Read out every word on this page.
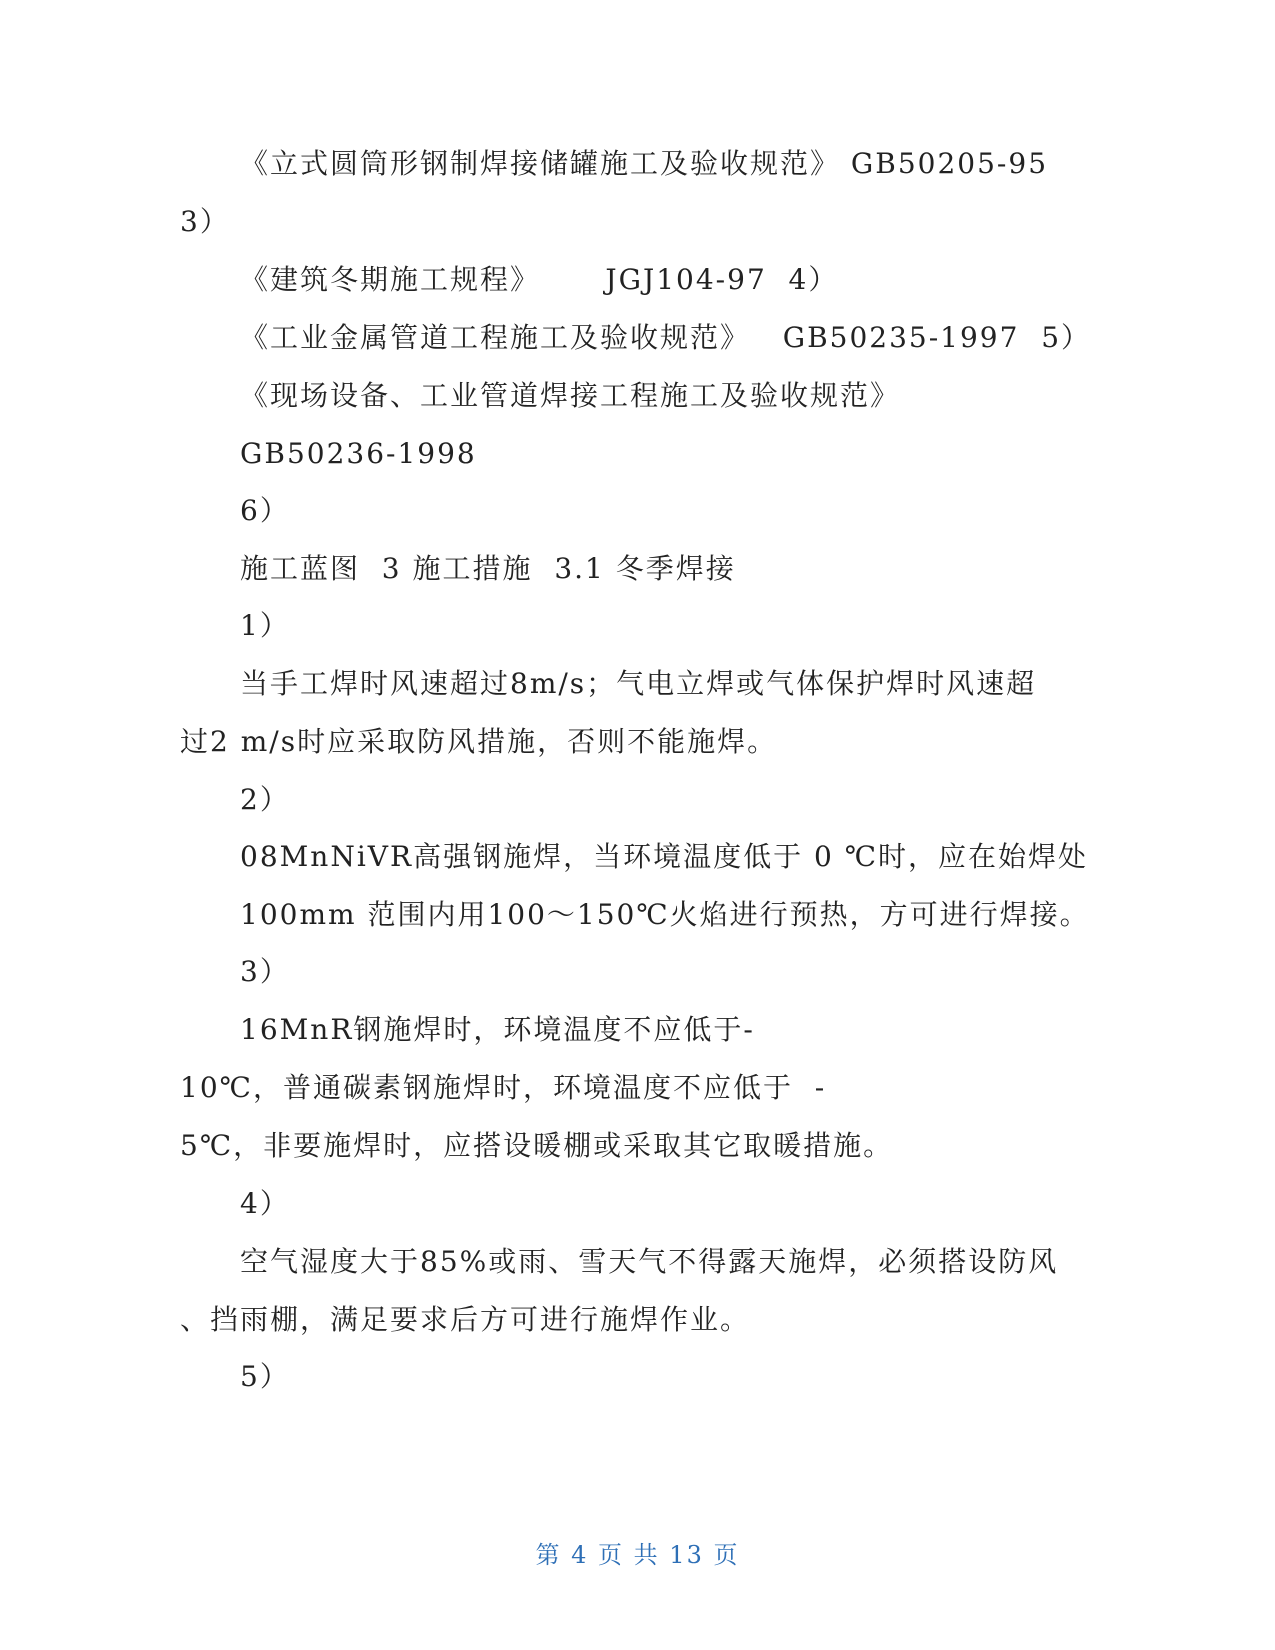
《立式圆筒形钢制焊接储罐施工及验收规范》 GB50205-95
3）
《建筑冬期施工规程》      JGJ104-97  4）
《工业金属管道工程施工及验收规范》   GB50235-1997  5）
《现场设备、工业管道焊接工程施工及验收规范》
GB50236-1998
6）
施工蓝图  3 施工措施  3.1 冬季焊接
1）
当手工焊时风速超过8m/s；气电立焊或气体保护焊时风速超
过2 m/s时应采取防风措施，否则不能施焊。
2）
08MnNiVR高强钢施焊，当环境温度低于 0 ℃时，应在始焊处
100mm 范围内用100～150℃火焰进行预热，方可进行焊接。
3）
16MnR钢施焊时，环境温度不应低于-
10℃，普通碳素钢施焊时，环境温度不应低于  -
5℃，非要施焊时，应搭设暖棚或采取其它取暖措施。
4）
空气湿度大于85%或雨、雪天气不得露天施焊，必须搭设防风
、挡雨棚，满足要求后方可进行施焊作业。
5）
第 4 页 共 13 页
